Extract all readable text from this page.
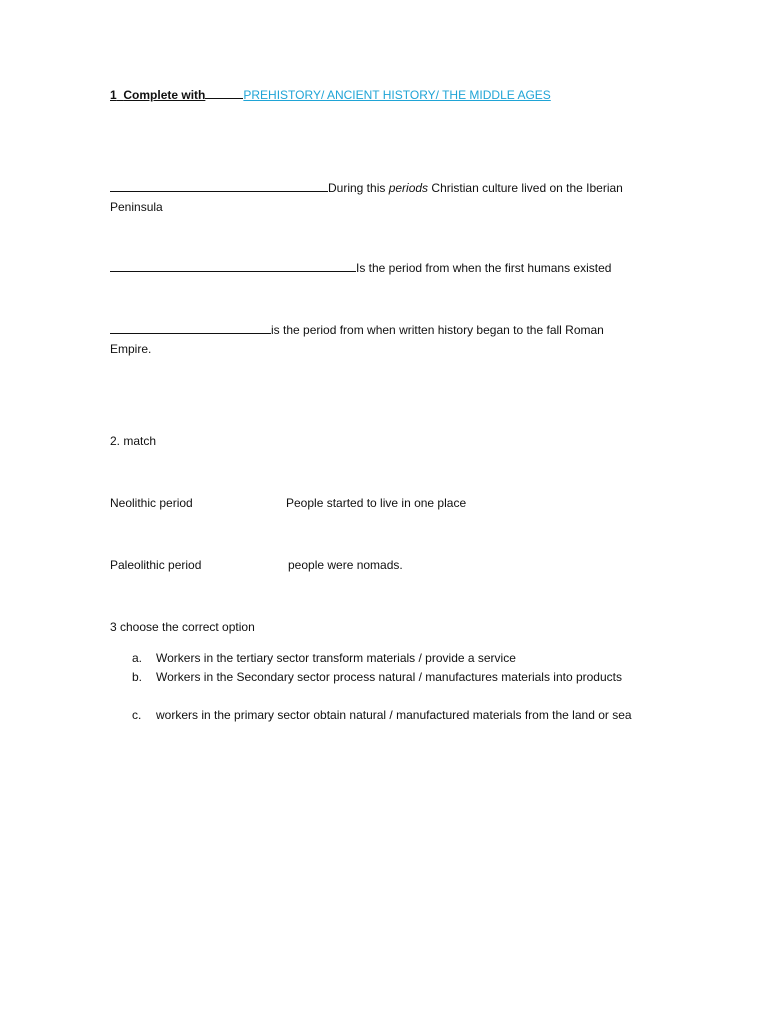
1 Complete with	PREHISTORY/ ANCIENT HISTORY/ THE MIDDLE AGES
During this periods Christian culture lived on the Iberian
Peninsula
Is the period from when the first humans existed
is the period from when written history began to the fall Roman
Empire.
2. match
Neolithic period	People started to live in one place
Paleolithic period	people were nomads.
3 choose the correct option
a. Workers in the tertiary sector transform materials / provide a service
b. Workers in the Secondary sector process natural / manufactures materials into products
c. workers in the primary sector obtain natural / manufactured materials from the land or sea
